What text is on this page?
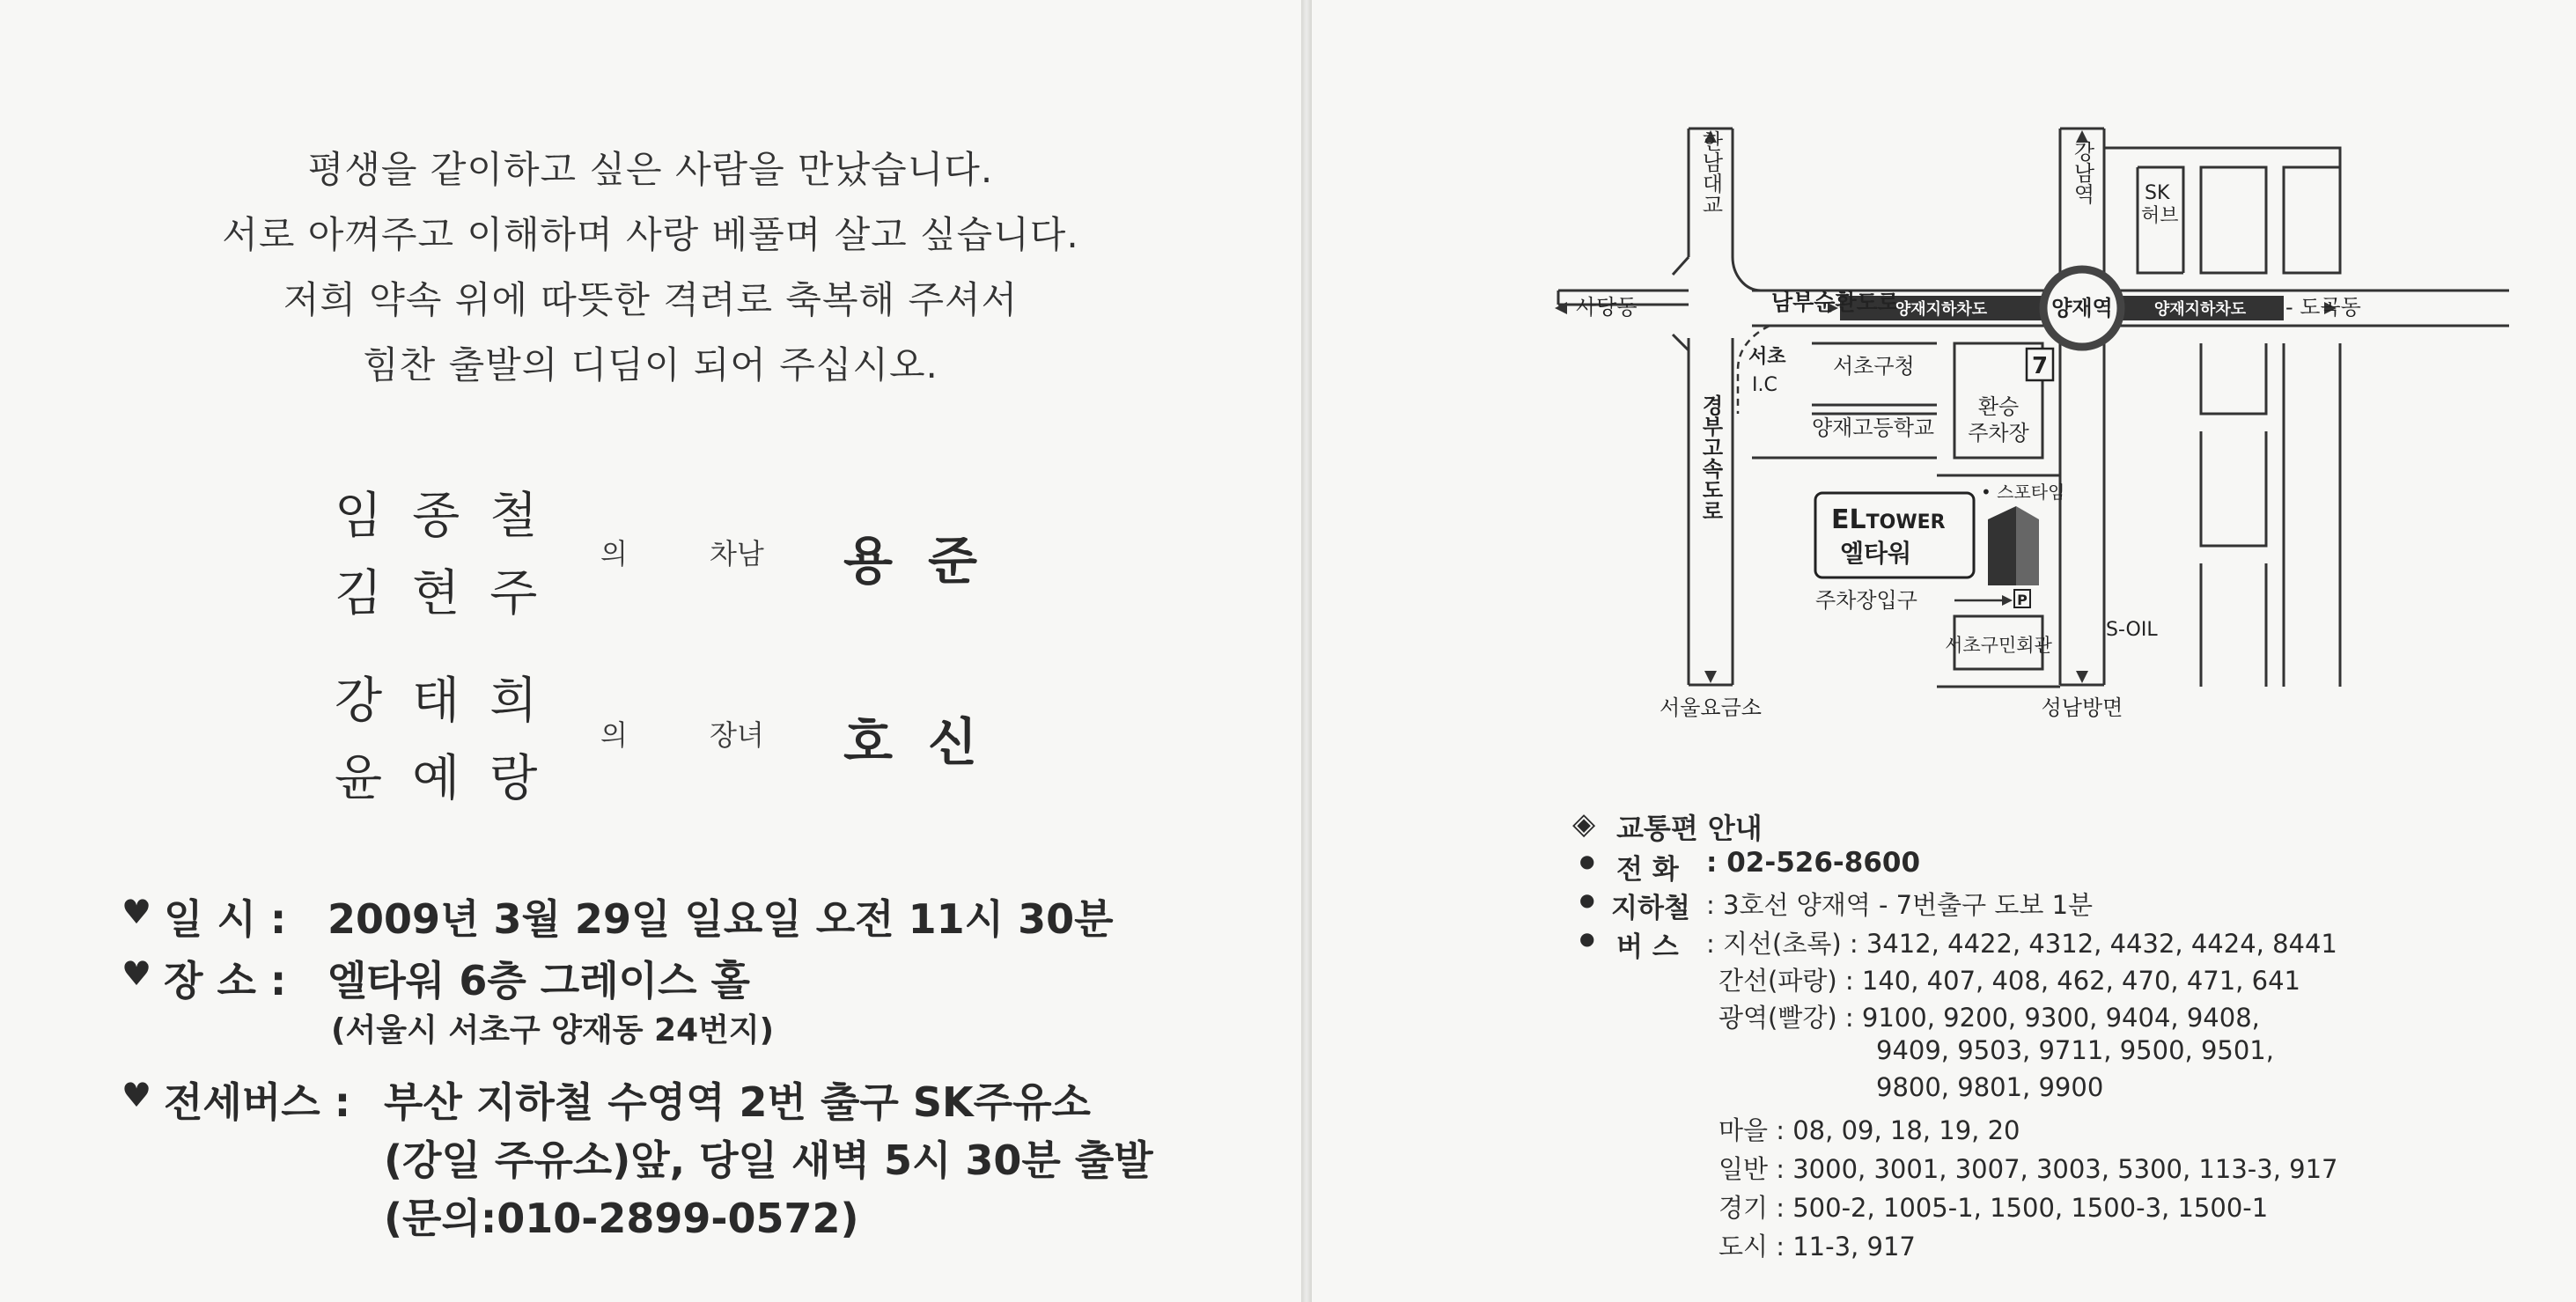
평생을 같이하고 싶은 사람을 만났습니다.
서로 아껴주고 이해하며 사랑 베풀며 살고 싶습니다.
저희 약속 위에 따뜻한 격려로 축복해 주셔서
힘찬 출발의 디딤이 되어 주십시오.
임종철
김현주
의	차남 용준
강태희
윤예랑
의	장녀 호신
♥ 일 시 : 2009년 3월 29일 일요일 오전 11시 30분
♥ 장 소 : 엘타워 6층 그레이스 홀
(서울시 서초구 양재동 24번지)
♥ 전세버스 : 부산 지하철 수영역 2번 출구 SK주유소
(강일 주유소)앞, 당일 새벽 5시 30분 출발
(문의:010-2899-0572)
한남대교	강남역	SK
허브
사당동	남부순환도로
양재지하차도	양재역	양재지하차도 - 도곡동
서초
I.C
서초구청	7
환승
주차장
양재고등학교
경부고속도로	• 스포타임
ELTOWER
엘타워
주차장입구	P
서초구민회관
S-OIL
서울요금소	성남방면
◈ 교통편 안내
● 전 화 : 02-526-8600
● 지하철 : 3호선 양재역 - 7번출구 도보 1분
● 버 스 : 지선(초록) : 3412, 4422, 4312, 4432, 4424, 8441
간선(파랑) : 140, 407, 408, 462, 470, 471, 641
광역(빨강) : 9100, 9200, 9300, 9404, 9408,
9409, 9503, 9711, 9500, 9501,
9800, 9801, 9900
마을 : 08, 09, 18, 19, 20
일반 : 3000, 3001, 3007, 3003, 5300, 113-3, 917
경기 : 500-2, 1005-1, 1500, 1500-3, 1500-1
도시 : 11-3, 917
